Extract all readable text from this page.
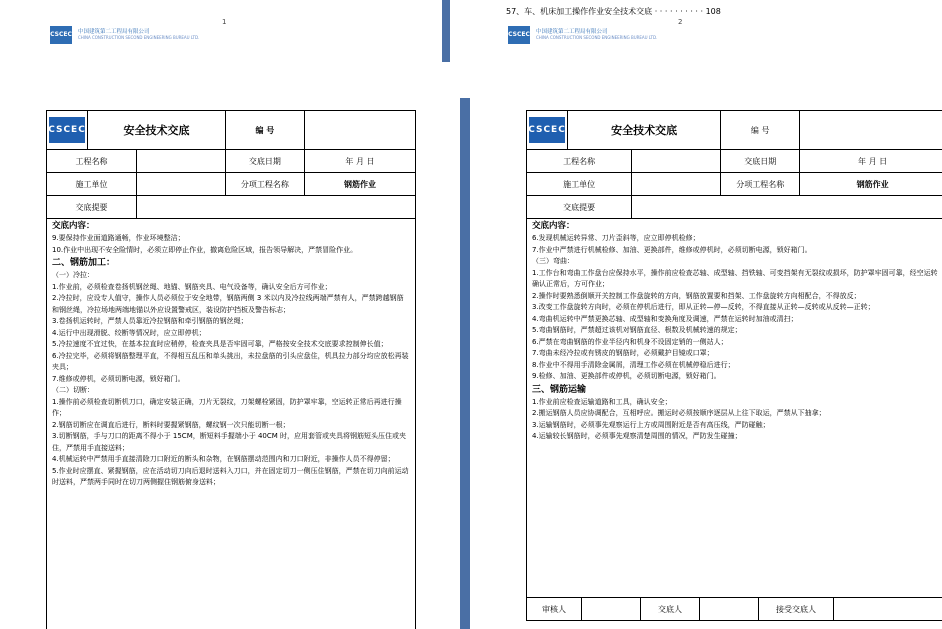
1
CSCEC 中国建筑第二工程局有限公司
CHINA CONSTRUCTION SECOND ENGINEERING BUREAU LTD.
57、车、机床加工操作作业安全技术交底 · · · · · · · · · · 108
2
CSCEC 中国建筑第二工程局有限公司
CHINA CONSTRUCTION SECOND ENGINEERING BUREAU LTD.
CSCEC	安全技术交底		编 号	
工程名称			交底日期	年 月 日
施工单位			分项工程名称	钢筋作业
交底提要				

交底内容：

9.要保持作业面道路通畅，作业环境整洁；

10.作业中出现不安全险情时，必须立即停止作业，撤离危险区域，报告领导解决，严禁冒险作业。

二、钢筋加工：

（一）冷拉：

1.作业前，必须检查卷扬机钢丝绳、地锚、钢筋夹具、电气设备等，确认安全后方可作业；

2.冷拉时，应设专人值守，操作人员必须位于安全地带，钢筋两侧 3 米以内及冷拉线两端严禁有人，严禁跨越钢筋和钢丝绳，冷拉场地两端地锚以外应设置警戒区，装设防护挡板及警告标志；

3.卷扬机运转时，严禁人员靠近冷拉钢筋和牵引钢筋的钢丝绳；

4.运行中出现滑脱、绞断等情况时，应立即停机；

5.冷拉速度不宜过快，在基本拉直时应稍停，检查夹具是否牢固可靠，严格按安全技术交底要求控制伸长值；

6.冷拉完毕，必须将钢筋整理平直，不得相互乱压和单头挑出，未拉盘筋的引头应盘住，机具拉力部分均应放松再装夹具；

7.维修或停机，必须切断电源，锁好箱门。

（二）切断：

1.操作前必须检查切断机刀口，确定安装正确，刀片无裂纹，刀架螺栓紧固，防护罩牢靠，空运转正常后再进行操作；

2.钢筋切断应在调直后进行，断料时要握紧钢筋，螺纹钢一次只能切断一根；

3.切断钢筋，手与刀口的距离不得小于 15CM，断短料手握端小于 40CM 时，应用套管或夹具将钢筋短头压住或夹住，严禁用手直接送料；

4.机械运转中严禁用手直接清除刀口附近的断头和杂物，在钢筋摆动范围内和刀口附近，非操作人员不得停留；

5.作业时应摆直、紧握钢筋，应在活动切刀向后退时送料入刀口，并在固定切刀一侧压住钢筋，严禁在切刀向前运动时送料，严禁两手同时在切刀两侧握住钢筋俯身送料；

CSCEC	安全技术交底		编 号	
工程名称			交底日期	年 月 日
施工单位			分项工程名称	钢筋作业
交底提要				

交底内容：

6.发现机械运转异常、刀片歪斜等，应立即停机检修；

7.作业中严禁进行机械检修、加油、更换部件，维修或停机时，必须切断电源，锁好箱门。

（三）弯曲：

1.工作台和弯曲工作盘台应保持水平，操作前应检查芯轴、成型轴、挡铁轴、可变挡架有无裂纹或损坏，防护罩牢固可靠，经空运转确认正常后，方可作业；

2.操作时要熟悉倒顺开关控制工作盘旋转的方向，钢筋放置要和挡架、工作盘旋转方向相配合，不得放反；

3.改变工作盘旋转方向时，必须在停机后进行，即从正转—停—反转，不得直接从正转—反转或从反转—正转；

4.弯曲机运转中严禁更换芯轴、成型轴和变换角度及调速，严禁在运转时加油或清扫；

5.弯曲钢筋时，严禁超过该机对钢筋直径、根数及机械转速的规定；

6.严禁在弯曲钢筋的作业半径内和机身不设固定销的一侧站人；

7.弯曲未经冷拉或有锈皮的钢筋时，必须戴护目镜或口罩；

8.作业中不得用手清除金属屑，清理工作必须在机械停稳后进行；

9.检修、加油、更换部件或停机，必须切断电源，锁好箱门。

三、钢筋运输

1.作业前应检查运输道路和工具，确认安全；

2.搬运钢筋人员应协调配合，互相呼应。搬运时必须按顺序逐层从上往下取运，严禁从下抽拿；

3.运输钢筋时，必须事先观察运行上方或周围附近是否有高压线，严防碰触；

4.运输较长钢筋时，必须事先观察清楚周围的情况，严防发生碰撞；

审核人		交底人		接受交底人	
